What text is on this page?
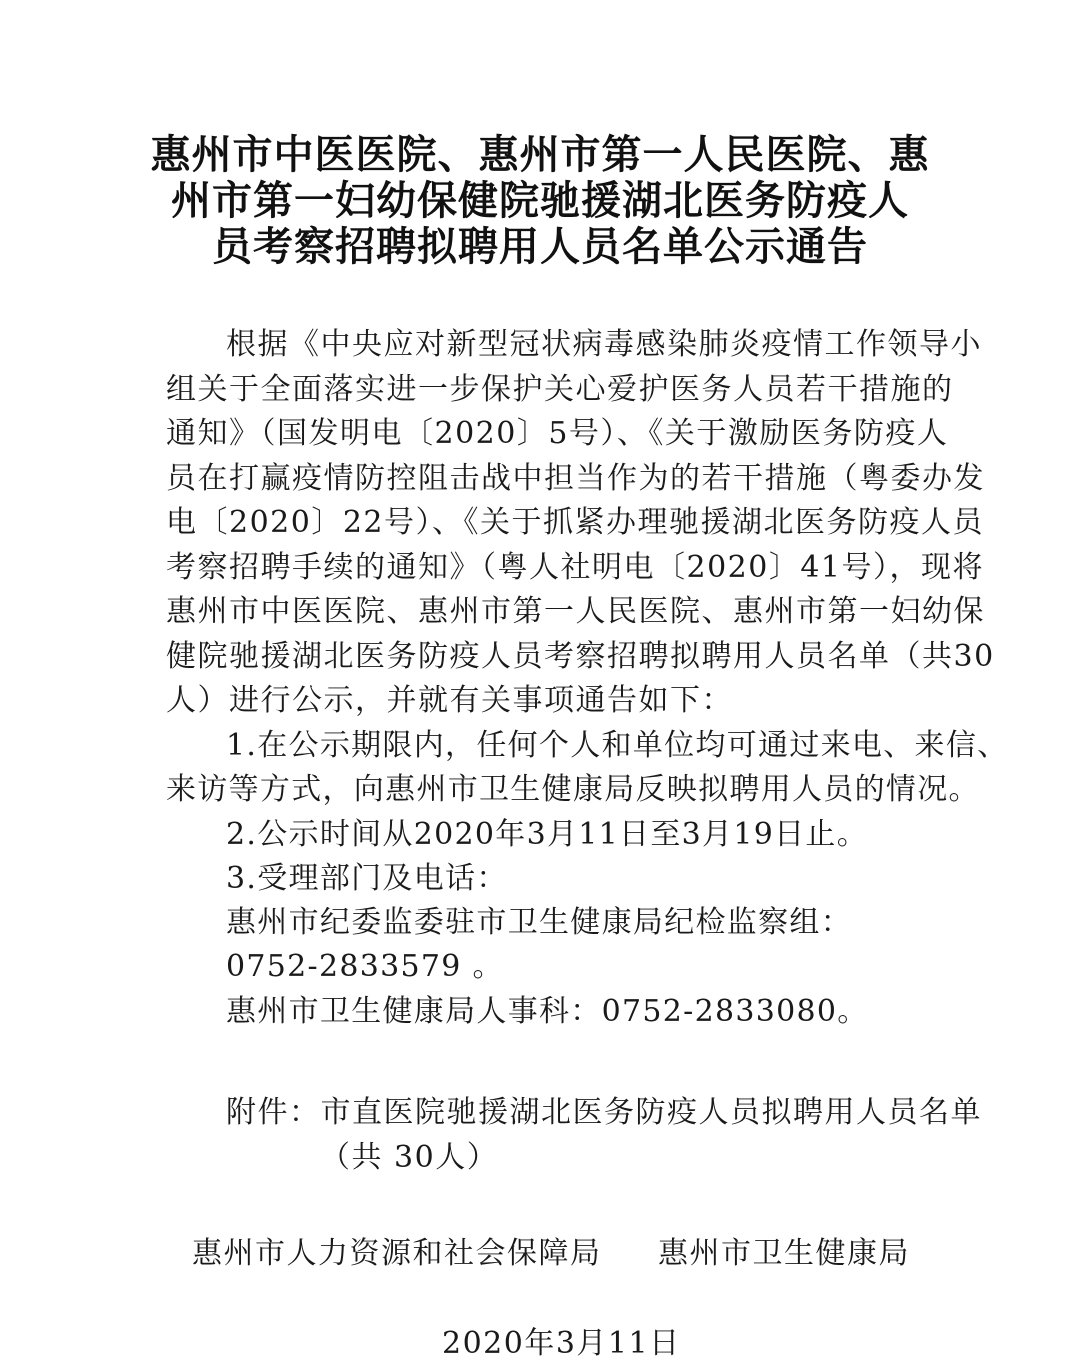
惠州市中医医院、惠州市第一人民医院、惠
州市第一妇幼保健院驰援湖北医务防疫人
员考察招聘拟聘用人员名单公示通告
根据《中央应对新型冠状病毒感染肺炎疫情工作领导小
组关于全面落实进一步保护关心爱护医务人员若干措施的
通知》（国发明电〔2020〕5号）、《关于激励医务防疫人
员在打赢疫情防控阻击战中担当作为的若干措施（粤委办发
电〔2020〕22号）、《关于抓紧办理驰援湖北医务防疫人员
考察招聘手续的通知》（粤人社明电〔2020〕41号），现将
惠州市中医医院、惠州市第一人民医院、惠州市第一妇幼保
健院驰援湖北医务防疫人员考察招聘拟聘用人员名单（共30
人）进行公示，并就有关事项通告如下：
1.在公示期限内，任何个人和单位均可通过来电、来信、
来访等方式，向惠州市卫生健康局反映拟聘用人员的情况。
2.公示时间从2020年3月11日至3月19日止。
3.受理部门及电话：
惠州市纪委监委驻市卫生健康局纪检监察组：
0752-2833579 。
惠州市卫生健康局人事科：0752-2833080。
附件：市直医院驰援湖北医务防疫人员拟聘用人员名单
（共 30人）
惠州市人力资源和社会保障局 惠州市卫生健康局
2020年3月11日
